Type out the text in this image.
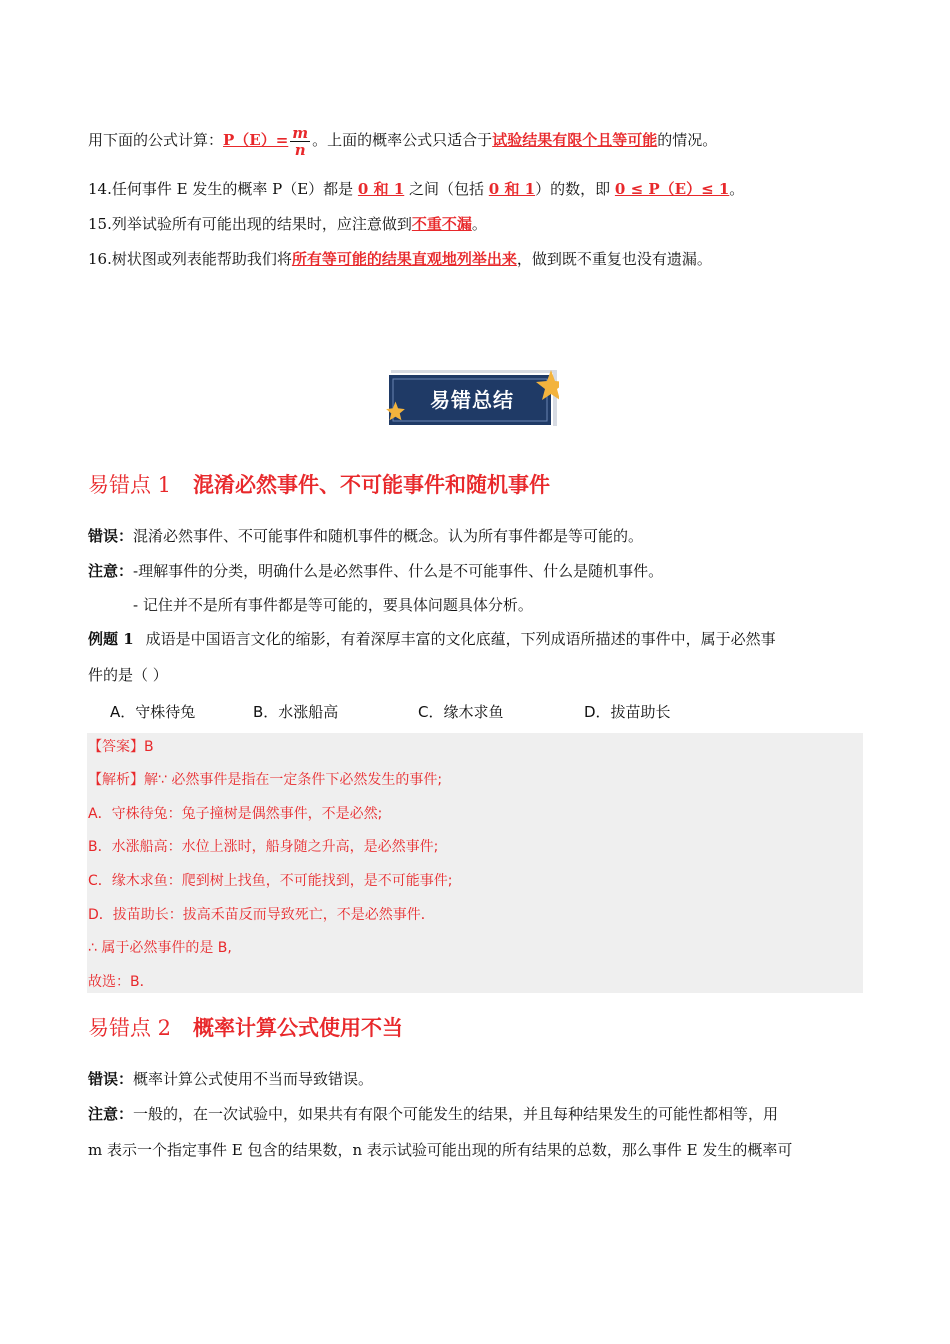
用下面的公式计算：$P(E)= \frac{m}{n}$ 。上面的概率公式只适合于试验结果有限个且等可能的情况。
14.任何事件 E 发生的概率 P（E）都是 0 和 1 之间（包括 0 和 1）的数，即 0 ≤ P（E）≤ 1。
15.列举试验所有可能出现的结果时，应注意做到不重不漏。
16.树状图或列表能帮助我们将所有等可能的结果直观地列举出来，做到既不重复也没有遗漏。
易错总结
易错点 1 混淆必然事件、不可能事件和随机事件
错误：混淆必然事件、不可能事件和随机事件的概念。认为所有事件都是等可能的。
注意：-理解事件的分类，明确什么是必然事件、什么是不可能事件、什么是随机事件。
- 记住并不是所有事件都是等可能的，要具体问题具体分析。
例题 1 成语是中国语言文化的缩影，有着深厚丰富的文化底蕴，下列成语所描述的事件中，属于必然事
件的是（ ）
A．守株待兔	B．水涨船高	C．缘木求鱼	D．拔苗助长
【答案】B
【解析】解∵ 必然事件是指在一定条件下必然发生的事件;
A．守株待兔：兔子撞树是偶然事件，不是必然;
B．水涨船高：水位上涨时，船身随之升高，是必然事件;
C．缘木求鱼：爬到树上找鱼，不可能找到，是不可能事件;
D．拔苗助长：拔高禾苗反而导致死亡，不是必然事件．
∴ 属于必然事件的是 B,
故选：B．
易错点 2 概率计算公式使用不当
错误：概率计算公式使用不当而导致错误。
注意：一般的，在一次试验中，如果共有有限个可能发生的结果，并且每种结果发生的可能性都相等，用
m 表示一个指定事件 E 包含的结果数，n 表示试验可能出现的所有结果的总数，那么事件 E 发生的概率可
